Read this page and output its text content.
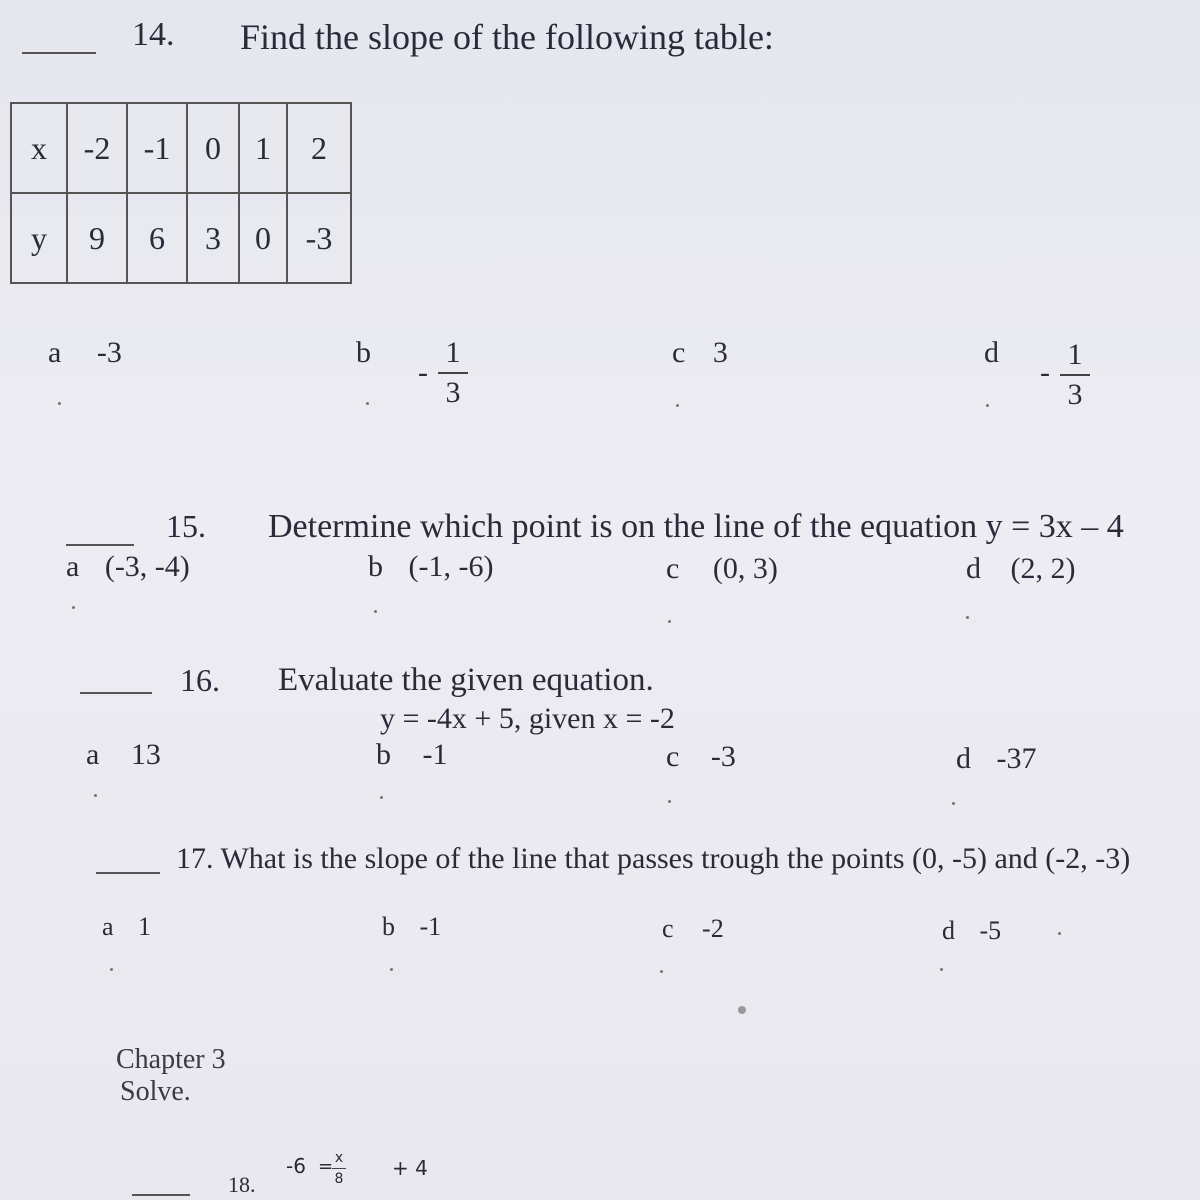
14. Find the slope of the following table:
x	-2	-1	0	1	2
y	9	6	3	0	-3
a -3	b
-
1
3
c 3	d
-
1
3
15. Determine which point is on the line of the equation y = 3x – 4
a (-3, -4)	b (-1, -6)	c (0, 3)	d (2, 2)
16. Evaluate the given equation.
y = -4x + 5, given x = -2
a 13	b -1	c -3	d -37
17. What is the slope of the line that passes trough the points (0, -5) and (-2, -3)
a 1	b -1	c -2	d -5
Chapter 3
Solve.
18.
-6 = x
8 + 4
